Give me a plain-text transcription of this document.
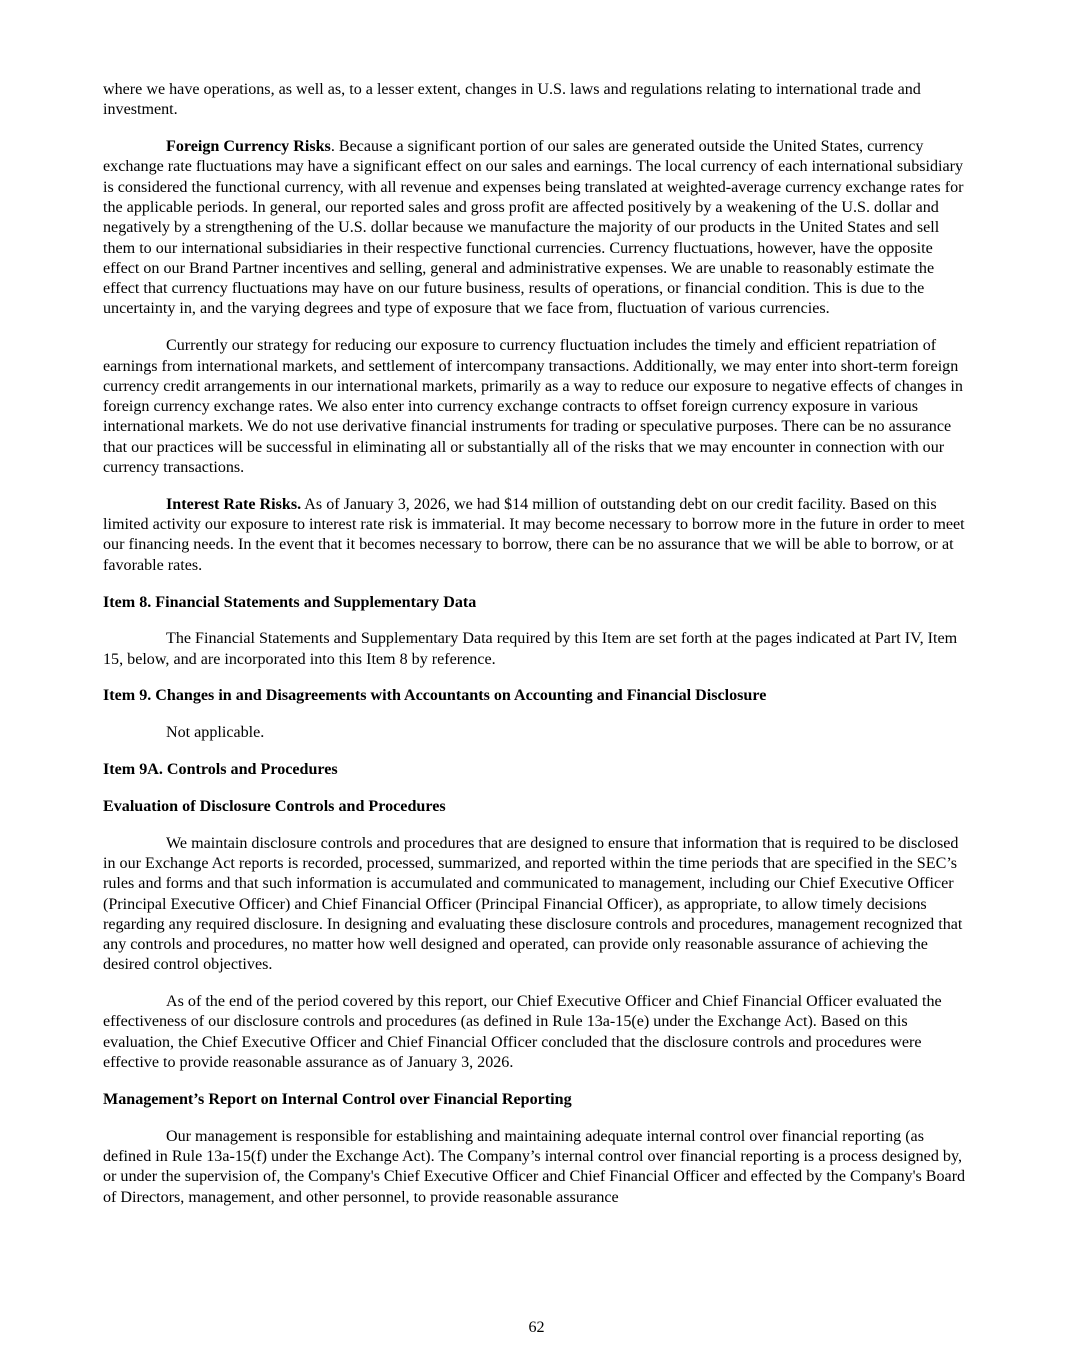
where we have operations, as well as, to a lesser extent, changes in U.S. laws and regulations relating to international trade and investment.

Foreign Currency Risks. Because a significant portion of our sales are generated outside the United States, currency exchange rate fluctuations may have a significant effect on our sales and earnings. The local currency of each international subsidiary is considered the functional currency, with all revenue and expenses being translated at weighted-average currency exchange rates for the applicable periods. In general, our reported sales and gross profit are affected positively by a weakening of the U.S. dollar and negatively by a strengthening of the U.S. dollar because we manufacture the majority of our products in the United States and sell them to our international subsidiaries in their respective functional currencies. Currency fluctuations, however, have the opposite effect on our Brand Partner incentives and selling, general and administrative expenses. We are unable to reasonably estimate the effect that currency fluctuations may have on our future business, results of operations, or financial condition. This is due to the uncertainty in, and the varying degrees and type of exposure that we face from, fluctuation of various currencies.

Currently our strategy for reducing our exposure to currency fluctuation includes the timely and efficient repatriation of earnings from international markets, and settlement of intercompany transactions. Additionally, we may enter into short-term foreign currency credit arrangements in our international markets, primarily as a way to reduce our exposure to negative effects of changes in foreign currency exchange rates. We also enter into currency exchange contracts to offset foreign currency exposure in various international markets. We do not use derivative financial instruments for trading or speculative purposes. There can be no assurance that our practices will be successful in eliminating all or substantially all of the risks that we may encounter in connection with our currency transactions.

Interest Rate Risks. As of January 3, 2026, we had $14 million of outstanding debt on our credit facility. Based on this limited activity our exposure to interest rate risk is immaterial. It may become necessary to borrow more in the future in order to meet our financing needs. In the event that it becomes necessary to borrow, there can be no assurance that we will be able to borrow, or at favorable rates.

Item 8. Financial Statements and Supplementary Data

The Financial Statements and Supplementary Data required by this Item are set forth at the pages indicated at Part IV, Item 15, below, and are incorporated into this Item 8 by reference.

Item 9. Changes in and Disagreements with Accountants on Accounting and Financial Disclosure

Not applicable.

Item 9A. Controls and Procedures

Evaluation of Disclosure Controls and Procedures

We maintain disclosure controls and procedures that are designed to ensure that information that is required to be disclosed in our Exchange Act reports is recorded, processed, summarized, and reported within the time periods that are specified in the SEC’s rules and forms and that such information is accumulated and communicated to management, including our Chief Executive Officer (Principal Executive Officer) and Chief Financial Officer (Principal Financial Officer), as appropriate, to allow timely decisions regarding any required disclosure. In designing and evaluating these disclosure controls and procedures, management recognized that any controls and procedures, no matter how well designed and operated, can provide only reasonable assurance of achieving the desired control objectives.

As of the end of the period covered by this report, our Chief Executive Officer and Chief Financial Officer evaluated the effectiveness of our disclosure controls and procedures (as defined in Rule 13a-15(e) under the Exchange Act). Based on this evaluation, the Chief Executive Officer and Chief Financial Officer concluded that the disclosure controls and procedures were effective to provide reasonable assurance as of January 3, 2026.

Management’s Report on Internal Control over Financial Reporting

Our management is responsible for establishing and maintaining adequate internal control over financial reporting (as defined in Rule 13a-15(f) under the Exchange Act). The Company’s internal control over financial reporting is a process designed by, or under the supervision of, the Company's Chief Executive Officer and Chief Financial Officer and effected by the Company's Board of Directors, management, and other personnel, to provide reasonable assurance

62
